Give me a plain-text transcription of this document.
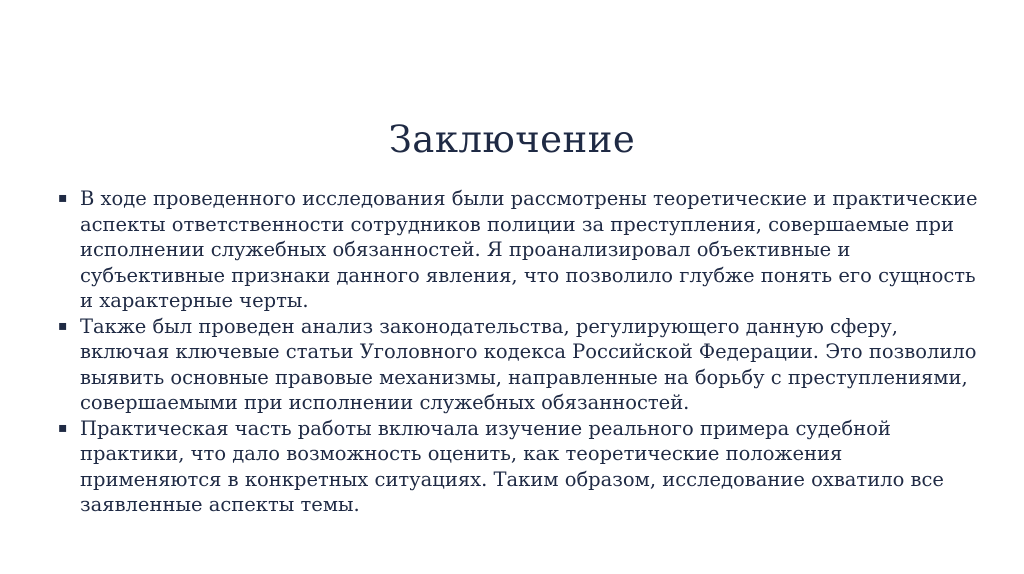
Заключение
▪ В ходе проведенного исследования были рассмотрены теоретические и практические аспекты ответственности сотрудников полиции за преступления, совершаемые при исполнении служебных обязанностей. Я проанализировал объективные и субъективные признаки данного явления, что позволило глубже понять его сущность и характерные черты.
▪ Также был проведен анализ законодательства, регулирующего данную сферу, включая ключевые статьи Уголовного кодекса Российской Федерации. Это позволило выявить основные правовые механизмы, направленные на борьбу с преступлениями, совершаемыми при исполнении служебных обязанностей.
▪ Практическая часть работы включала изучение реального примера судебной практики, что дало возможность оценить, как теоретические положения применяются в конкретных ситуациях. Таким образом, исследование охватило все заявленные аспекты темы.
